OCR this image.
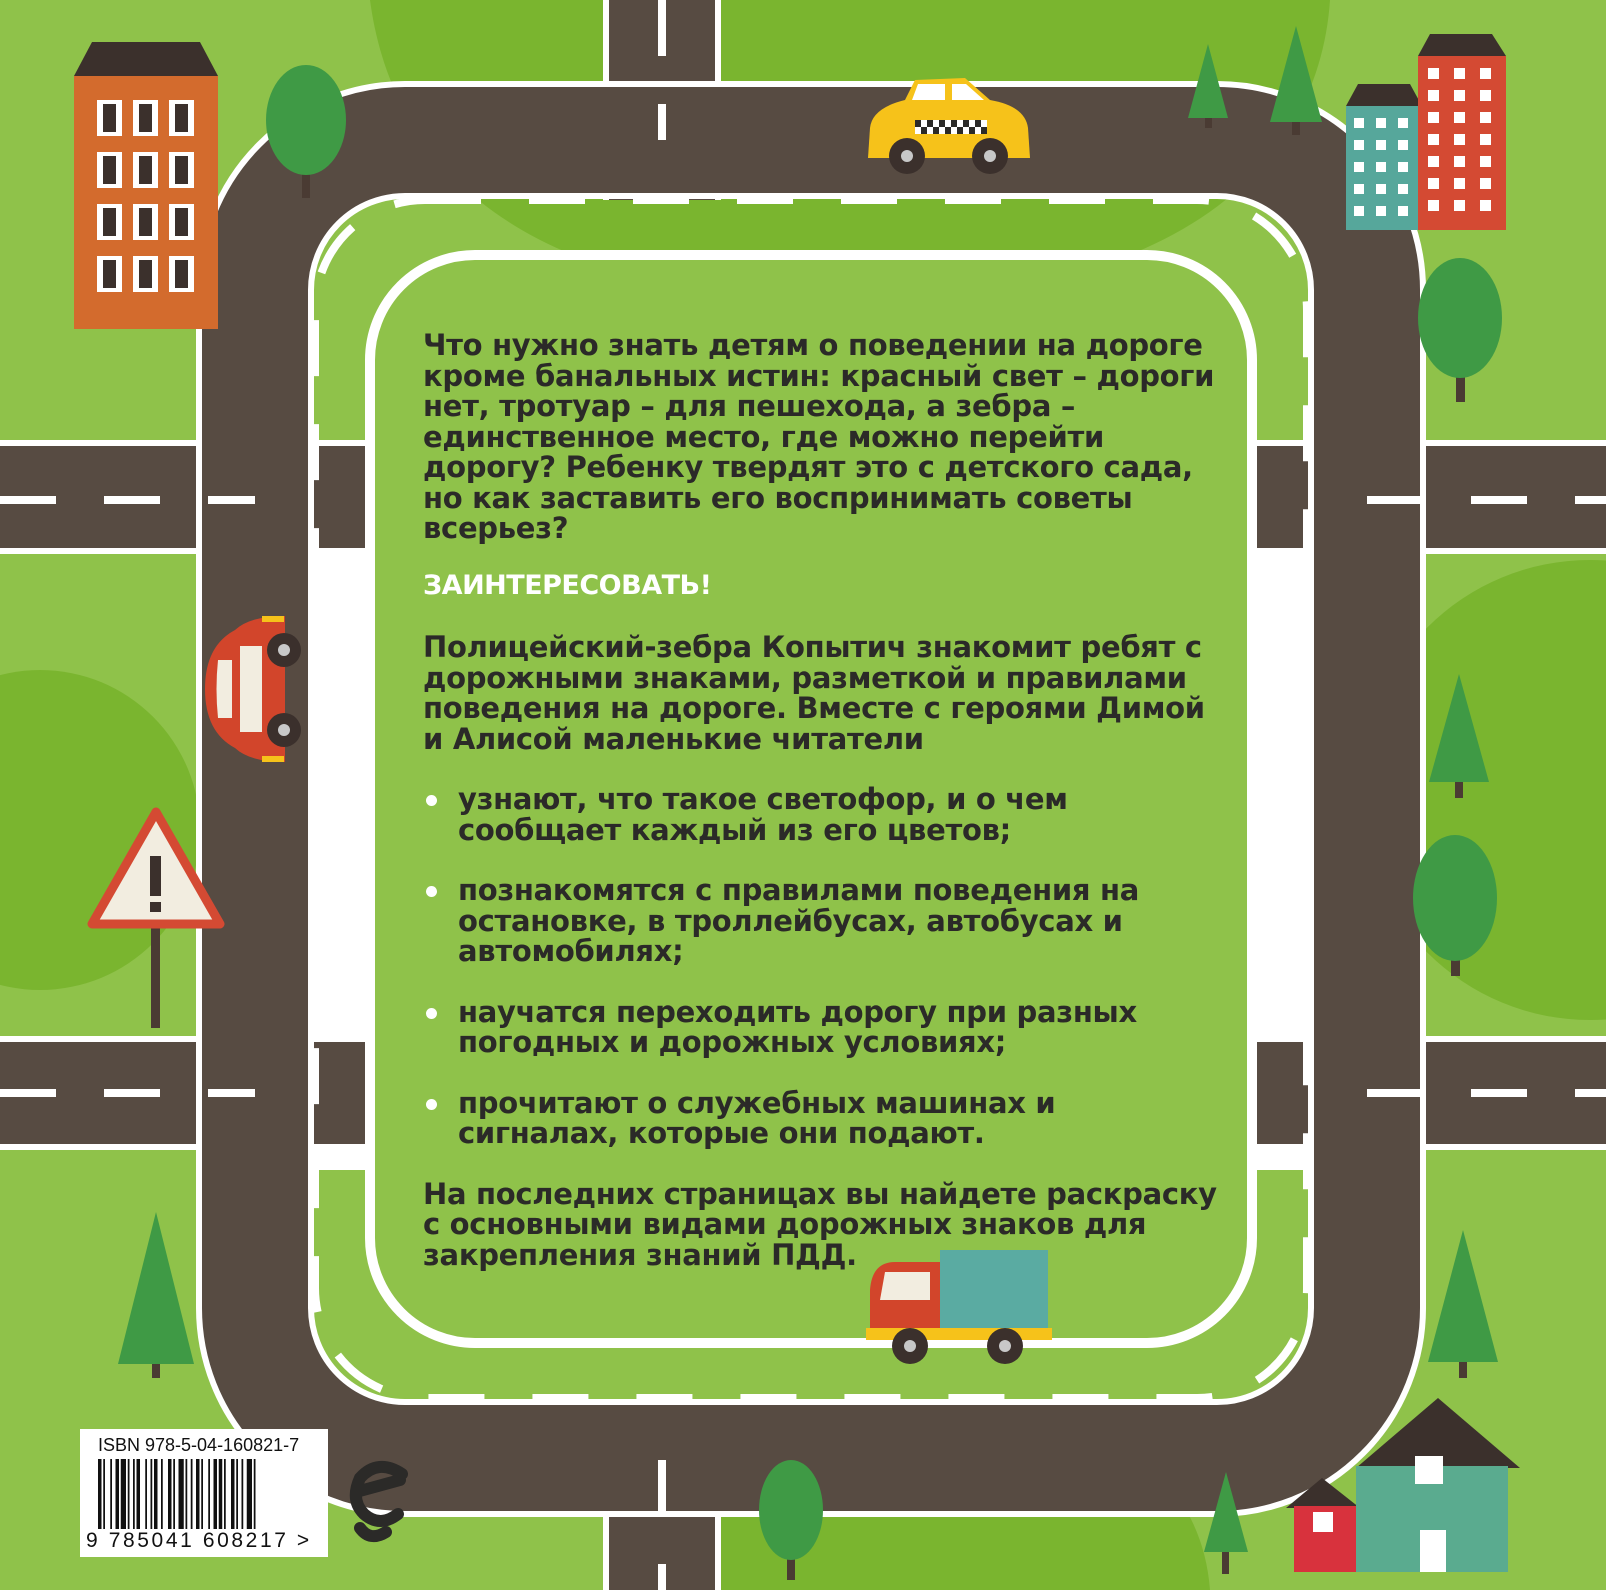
Что нужно знать детям о поведении на дороге кроме банальных истин: красный свет – дороги нет, тротуар – для пешехода, а зебра – единственное место, где можно перейти дорогу? Ребенку твердят это с детского сада, но как заставить его воспринимать советы всерьез?

ЗАИНТЕРЕСОВАТЬ!

Полицейский-зебра Копытич знакомит ребят с дорожными знаками, разметкой и правилами поведения на дороге. Вместе с героями Димой и Алисой маленькие читатели

узнают, что такое светофор, и о чем сообщает каждый из его цветов;
познакомятся с правилами поведения на остановке, в троллейбусах, автобусах и автомобилях;
научатся переходить дорогу при разных погодных и дорожных условиях;
прочитают о служебных машинах и сигналах, которые они подают.

На последних страницах вы найдете раскраску с основными видами дорожных знаков для закрепления знаний ПДД.

ISBN 978-5-04-160821-7
9 785041 608217 >
